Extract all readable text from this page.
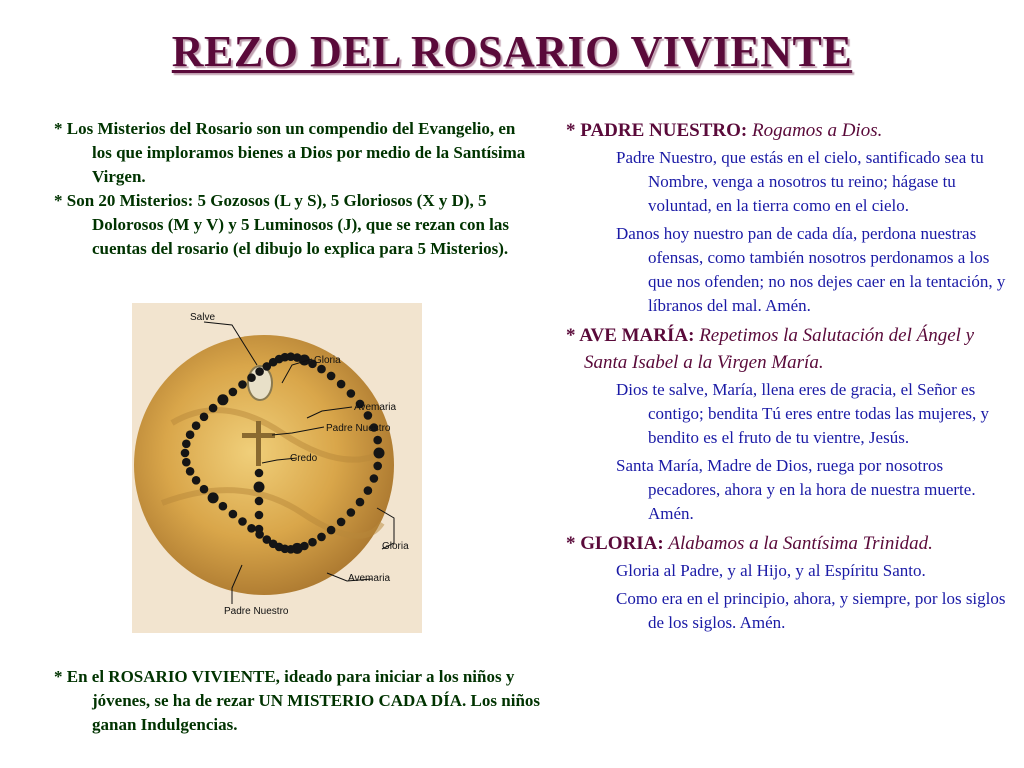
REZO DEL ROSARIO VIVIENTE

* Los Misterios del Rosario son un compendio del Evangelio, en los que imploramos bienes a Dios por medio de la Santísima Virgen.

* Son 20 Misterios: 5 Gozosos (L y S), 5 Gloriosos (X y D), 5 Dolorosos (M y V) y 5 Luminosos (J), que se rezan con las cuentas del rosario (el dibujo lo explica para 5 Misterios).

* En el ROSARIO VIVIENTE, ideado para iniciar a los niños y jóvenes, se ha de rezar UN MISTERIO CADA DÍA. Los niños ganan Indulgencias.

Salve
Gloria
Avemaria
Padre Nuestro
Credo
Gloria
Avemaria
Padre Nuestro
* PADRE NUESTRO: Rogamos a Dios.
Padre Nuestro, que estás en el cielo, santificado sea tu Nombre, venga a nosotros tu reino; hágase tu voluntad, en la tierra como en el cielo.
Danos hoy nuestro pan de cada día, perdona nuestras ofensas, como también nosotros perdonamos a los que nos ofenden; no nos dejes caer en la tentación, y líbranos del mal. Amén.
* AVE MARÍA: Repetimos la Salutación del Ángel y Santa Isabel a la Virgen María.
Dios te salve, María, llena eres de gracia, el Señor es contigo; bendita Tú eres entre todas las mujeres, y bendito es el fruto de tu vientre, Jesús.
Santa María, Madre de Dios, ruega por nosotros pecadores, ahora y en la hora de nuestra muerte. Amén.
* GLORIA: Alabamos a la Santísima Trinidad.
Gloria al Padre, y al Hijo, y al Espíritu Santo.
Como era en el principio, ahora, y siempre, por los siglos de los siglos. Amén.
